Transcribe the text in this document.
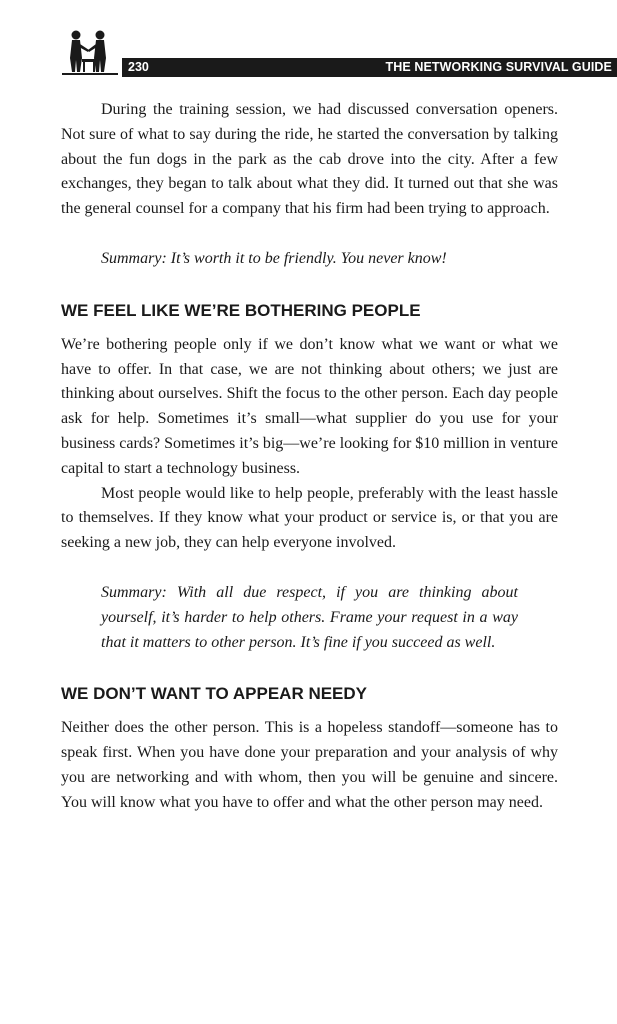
230	THE NETWORKING SURVIVAL GUIDE

During the training session, we had discussed conversation openers. Not sure of what to say during the ride, he started the conversation by talking about the fun dogs in the park as the cab drove into the city. After a few exchanges, they began to talk about what they did. It turned out that she was the general counsel for a company that his firm had been trying to approach.

Summary: It’s worth it to be friendly. You never know!

WE FEEL LIKE WE’RE BOTHERING PEOPLE

We’re bothering people only if we don’t know what we want or what we have to offer. In that case, we are not thinking about others; we just are thinking about ourselves. Shift the focus to the other person. Each day people ask for help. Sometimes it’s small—what supplier do you use for your business cards? Sometimes it’s big—we’re looking for $10 million in venture capital to start a technology business.

Most people would like to help people, preferably with the least hassle to themselves. If they know what your product or service is, or that you are seeking a new job, they can help everyone involved.

Summary: With all due respect, if you are thinking about yourself, it’s harder to help others. Frame your request in a way that it matters to other person. It’s fine if you succeed as well.

WE DON’T WANT TO APPEAR NEEDY

Neither does the other person. This is a hopeless standoff—someone has to speak first. When you have done your preparation and your analysis of why you are networking and with whom, then you will be genuine and sincere. You will know what you have to offer and what the other person may need.
